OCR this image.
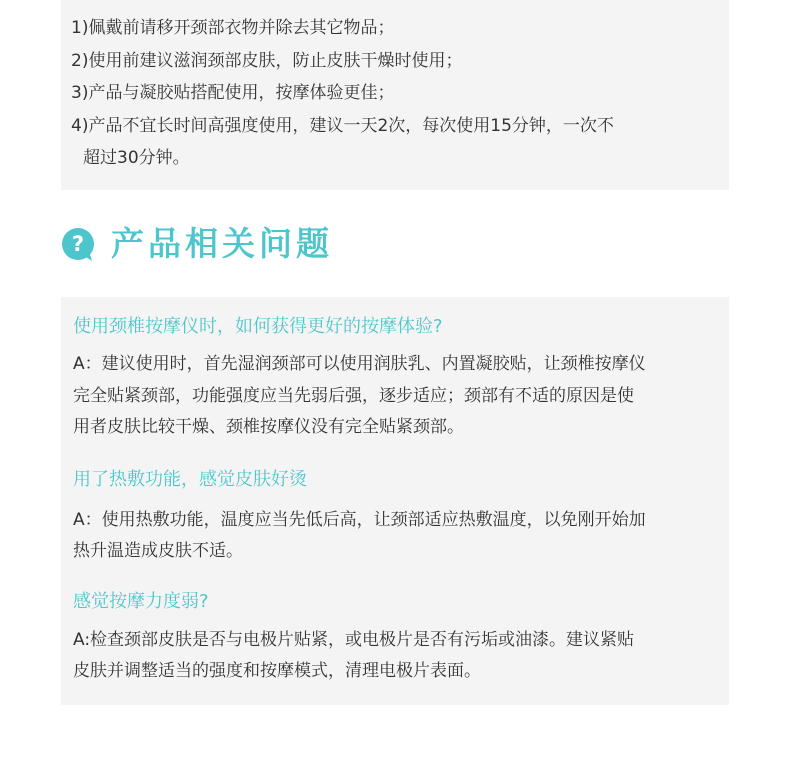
1)佩戴前请移开颈部衣物并除去其它物品；
2)使用前建议滋润颈部皮肤，防止皮肤干燥时使用；
3)产品与凝胶贴搭配使用，按摩体验更佳；
4)产品不宜长时间高强度使用，建议一天2次，每次使用15分钟，一次不
超过30分钟。
? 产品相关问题
使用颈椎按摩仪时，如何获得更好的按摩体验?
A：建议使用时，首先湿润颈部可以使用润肤乳、内置凝胶贴，让颈椎按摩仪
完全贴紧颈部，功能强度应当先弱后强，逐步适应；颈部有不适的原因是使
用者皮肤比较干燥、颈椎按摩仪没有完全贴紧颈部。
用了热敷功能，感觉皮肤好烫
A：使用热敷功能，温度应当先低后高，让颈部适应热敷温度，以免刚开始加
热升温造成皮肤不适。
感觉按摩力度弱?
A:检查颈部皮肤是否与电极片贴紧，或电极片是否有污垢或油漆。建议紧贴
皮肤并调整适当的强度和按摩模式，清理电极片表面。
